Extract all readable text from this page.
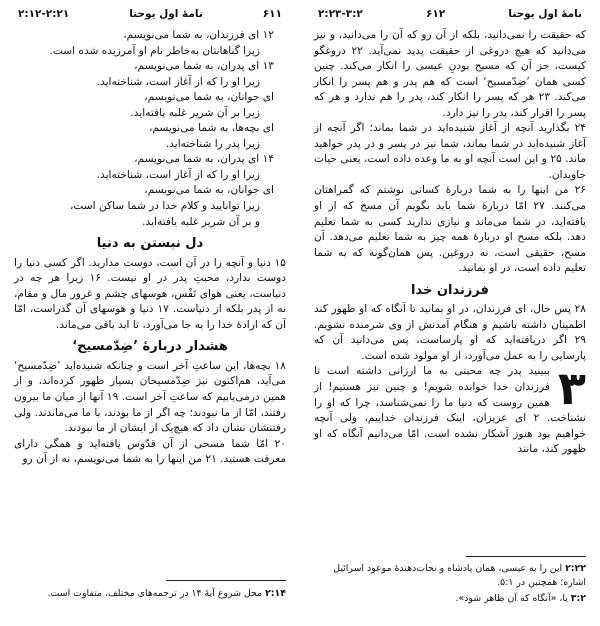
نامهٔ اول یوحنا
۶۱۲
۲:۲۳-۳:۲

که حقیقت را نمی‌دانید، بلکه از آن رو که آن را می‌دانید، و نیز می‌دانید که هیچ دروغی از حقیقت پدید نمی‌آید. ۲۲ دروغگو کیست، جز آن که مسیح بودنِ عیسی را انکار می‌کند. چنین کسی همان ’ضِدّمسیح‘ است که هم پدر و هم پسر را انکار می‌کند. ۲۳ هر که پسر را انکار کند، پدر را هم ندارد و هر که پسر را اقرار کند، پدر را نیز دارد.

۲۴ بگذارید آنچه از آغاز شنیده‌اید در شما بماند؛ اگر آنچه از آغاز شنیده‌اید در شما بماند، شما نیز در پسر و در پدر خواهید ماند. ۲۵ و این است آنچه او به ما وعده داده است، یعنی حیات جاویدان.

۲۶ من اینها را به شما دربارهٔ کسانی نوشتم که گمراهتان می‌کنند. ۲۷ امّا دربارهٔ شما باید بگویم آن مسح که از او یافته‌اید، در شما می‌ماند و نیازی ندارید کسی به شما تعلیم دهد. بلکه مسح او دربارهٔ همه چیز به شما تعلیم می‌دهد. آن مسح، حقیقی است، نه دروغین. پس همان‌گونه که به شما تعلیم داده است، در او بمانید.

فرزندان خدا

۲۸ پس حال، ای فرزندان، در او بمانید تا آنگاه که او ظهور کند اطمینان داشته باشیم و هنگام آمدنش از وی شرمنده نشویم. ۲۹ اگر دریافته‌اید که او پارساست، پس می‌دانید آن که پارسایی را به عمل می‌آورد، از او مولود شده است.

۳

ببینید پدر چه محبتی به ما ارزانی داشته است تا فرزندان خدا خوانده شویم! و چنین نیز هستیم! از همین روست که دنیا ما را نمی‌شناسد، چرا که او را نشناخت. ۲ ای عزیزان، اینک فرزندان خداییم، ولی آنچه خواهیم بود هنوز آشکار نشده است. امّا می‌دانیم آنگاه که او ظهور کند، مانند

۲:۲۲ این را به عیسی، همان پادشاه و نجات‌دهندهٔ موعود اسرائیل اشاره؛ همچنین در ۵:۱.
۳:۲ یا، «آنگاه که آن ظاهر شود».
۶۱۱
نامهٔ اول یوحنا
۲:۱۲-۲:۲۱

۱۲ ای فرزندان، به شما می‌نویسم،

زیرا گناهانتان به‌خاطر نام او آمرزیده شده است.

۱۳ ای پدران، به شما می‌نویسم،

زیرا او را که از آغاز است، شناخته‌اید.

ای جوانان، به شما می‌نویسم،

زیرا بر آن شریر غلبه یافته‌اید.

ای بچه‌ها، به شما می‌نویسم،

زیرا پدر را شناخته‌اید.

۱۴ ای پدران، به شما می‌نویسم،

زیرا او را که از آغاز است، شناخته‌اید.

ای جوانان، به شما می‌نویسم،

زیرا توانایید و کلام خدا در شما ساکن است،

و بر آن شریر غلبه یافته‌اید.

دل نبستن به دنیا

۱۵ دنیا و آنچه را در آن است، دوست مدارید. اگر کسی دنیا را دوست بدارد، محبتِ پدر در او نیست. ۱۶ زیرا هر چه در دنیاست، یعنی هوای نَفْس، هوسهای چشم و غرور مال و مقام، نه از پدر بلکه از دنیاست. ۱۷ دنیا و هوسهای آن گذراست، امّا آن که ارادهٔ خدا را به جا می‌آورد، تا ابد باقی می‌ماند.

هشدار دربارهٔ ’ضِدّمسیح‘

۱۸ بچه‌ها، این ساعتِ آخر است و چنانکه شنیده‌اید ’ضِدّمسیح‘ می‌آید، هم‌اکنون نیز ضِدّمسیحان بسیار ظهور کرده‌اند، و از همین درمی‌یابیم که ساعتِ آخر است. ۱۹ آنها از میان ما بیرون رفتند، امّا از ما نبودند؛ چه اگر از ما بودند، با ما می‌ماندند. ولی رفتنشان نشان داد که هیچ‌یک از ایشان از ما نبودند.

۲۰ امّا شما مسحی از آن قدّوس یافته‌اید و همگی دارای معرفت هستید. ۲۱ من اینها را به شما می‌نویسم، نه از آن رو

۲:۱۴ محل شروع آیهٔ ۱۴ در ترجمه‌های مختلف، متفاوت است.
